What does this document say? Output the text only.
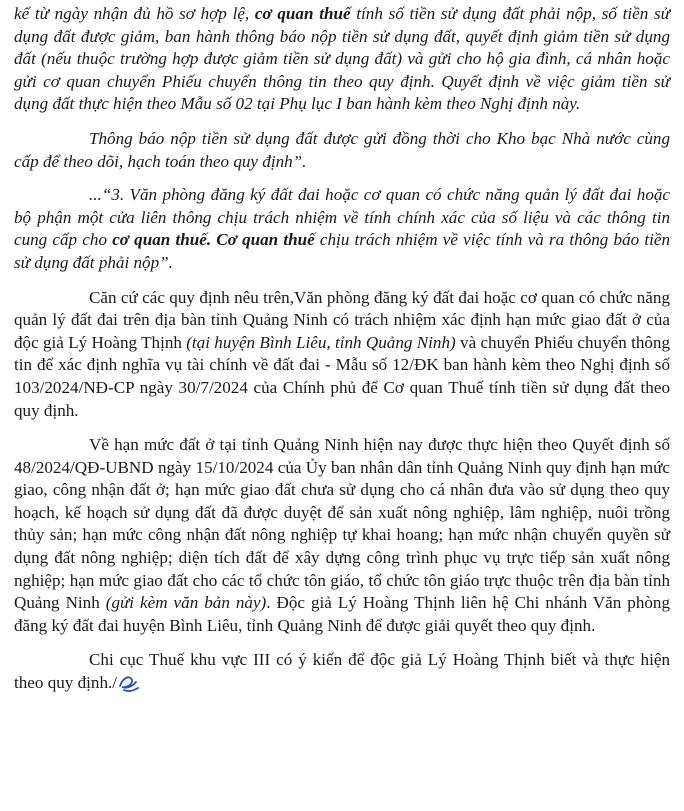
kể từ ngày nhận đủ hồ sơ hợp lệ, cơ quan thuế tính số tiền sử dụng đất phải nộp, số tiền sử dụng đất được giảm, ban hành thông báo nộp tiền sử dụng đất, quyết định giảm tiền sử dụng đất (nếu thuộc trường hợp được giảm tiền sử dụng đất) và gửi cho hộ gia đình, cá nhân hoặc gửi cơ quan chuyển Phiếu chuyển thông tin theo quy định. Quyết định về việc giảm tiền sử dụng đất thực hiện theo Mẫu số 02 tại Phụ lục I ban hành kèm theo Nghị định này.

Thông báo nộp tiền sử dụng đất được gửi đồng thời cho Kho bạc Nhà nước cùng cấp để theo dõi, hạch toán theo quy định”.

...“3. Văn phòng đăng ký đất đai hoặc cơ quan có chức năng quản lý đất đai hoặc bộ phận một cửa liên thông chịu trách nhiệm về tính chính xác của số liệu và các thông tin cung cấp cho cơ quan thuế. Cơ quan thuế chịu trách nhiệm về việc tính và ra thông báo tiền sử dụng đất phải nộp”.

Căn cứ các quy định nêu trên,Văn phòng đăng ký đất đai hoặc cơ quan có chức năng quản lý đất đai trên địa bàn tỉnh Quảng Ninh có trách nhiệm xác định hạn mức giao đất ở của độc giả Lý Hoàng Thịnh (tại huyện Bình Liêu, tỉnh Quảng Ninh) và chuyển Phiếu chuyển thông tin để xác định nghĩa vụ tài chính về đất đai - Mẫu số 12/ĐK ban hành kèm theo Nghị định số 103/2024/NĐ-CP ngày 30/7/2024 của Chính phủ để Cơ quan Thuế tính tiền sử dụng đất theo quy định.

Về hạn mức đất ở tại tỉnh Quảng Ninh hiện nay được thực hiện theo Quyết định số 48/2024/QĐ-UBND ngày 15/10/2024 của Ủy ban nhân dân tỉnh Quảng Ninh quy định hạn mức giao, công nhận đất ở; hạn mức giao đất chưa sử dụng cho cá nhân đưa vào sử dụng theo quy hoạch, kế hoạch sử dụng đất đã được duyệt để sản xuất nông nghiệp, lâm nghiệp, nuôi trồng thủy sản; hạn mức công nhận đất nông nghiệp tự khai hoang; hạn mức nhận chuyển quyền sử dụng đất nông nghiệp; diện tích đất để xây dựng công trình phục vụ trực tiếp sản xuất nông nghiệp; hạn mức giao đất cho các tổ chức tôn giáo, tổ chức tôn giáo trực thuộc trên địa bàn tỉnh Quảng Ninh (gửi kèm văn bản này). Độc giả Lý Hoàng Thịnh liên hệ Chi nhánh Văn phòng đăng ký đất đai huyện Bình Liêu, tỉnh Quảng Ninh để được giải quyết theo quy định.

Chi cục Thuế khu vực III có ý kiến để độc giả Lý Hoàng Thịnh biết và thực hiện theo quy định./
